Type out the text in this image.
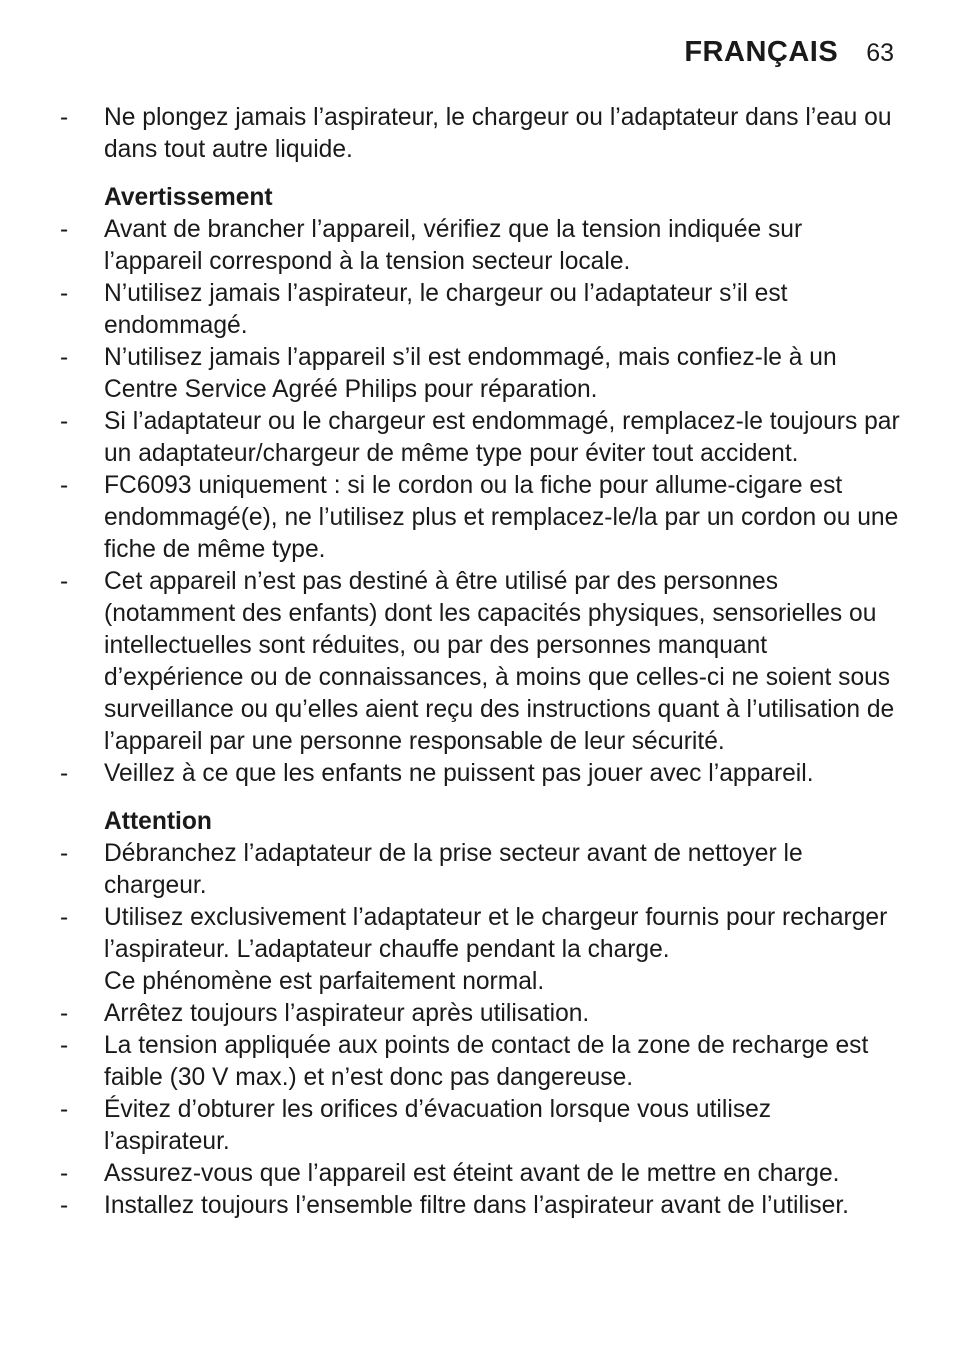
FRANÇAIS 63
- Ne plongez jamais l’aspirateur, le chargeur ou l’adaptateur dans l’eau ou dans tout autre liquide.
Avertissement
- Avant de brancher l’appareil, vérifiez que la tension indiquée sur l’appareil correspond à la tension secteur locale.
- N’utilisez jamais l’aspirateur, le chargeur ou l’adaptateur s’il est endommagé.
- N’utilisez jamais l’appareil s’il est endommagé, mais confiez-le à un Centre Service Agréé Philips pour réparation.
- Si l’adaptateur ou le chargeur est endommagé, remplacez-le toujours par un adaptateur/chargeur de même type pour éviter tout accident.
- FC6093 uniquement : si le cordon ou la fiche pour allume-cigare est endommagé(e), ne l’utilisez plus et remplacez-le/la par un cordon ou une fiche de même type.
- Cet appareil n’est pas destiné à être utilisé par des personnes (notamment des enfants) dont les capacités physiques, sensorielles ou intellectuelles sont réduites, ou par des personnes manquant d’expérience ou de connaissances, à moins que celles-ci ne soient sous surveillance ou qu’elles aient reçu des instructions quant à l’utilisation de l’appareil par une personne responsable de leur sécurité.
- Veillez à ce que les enfants ne puissent pas jouer avec l’appareil.
Attention
- Débranchez l’adaptateur de la prise secteur avant de nettoyer le chargeur.
- Utilisez exclusivement l’adaptateur et le chargeur fournis pour recharger l’aspirateur. L’adaptateur chauffe pendant la charge.
Ce phénomène est parfaitement normal.
- Arrêtez toujours l’aspirateur après utilisation.
- La tension appliquée aux points de contact de la zone de recharge est faible (30 V max.) et n’est donc pas dangereuse.
- Évitez d’obturer les orifices d’évacuation lorsque vous utilisez l’aspirateur.
- Assurez-vous que l’appareil est éteint avant de le mettre en charge.
- Installez toujours l’ensemble filtre dans l’aspirateur avant de l’utiliser.
